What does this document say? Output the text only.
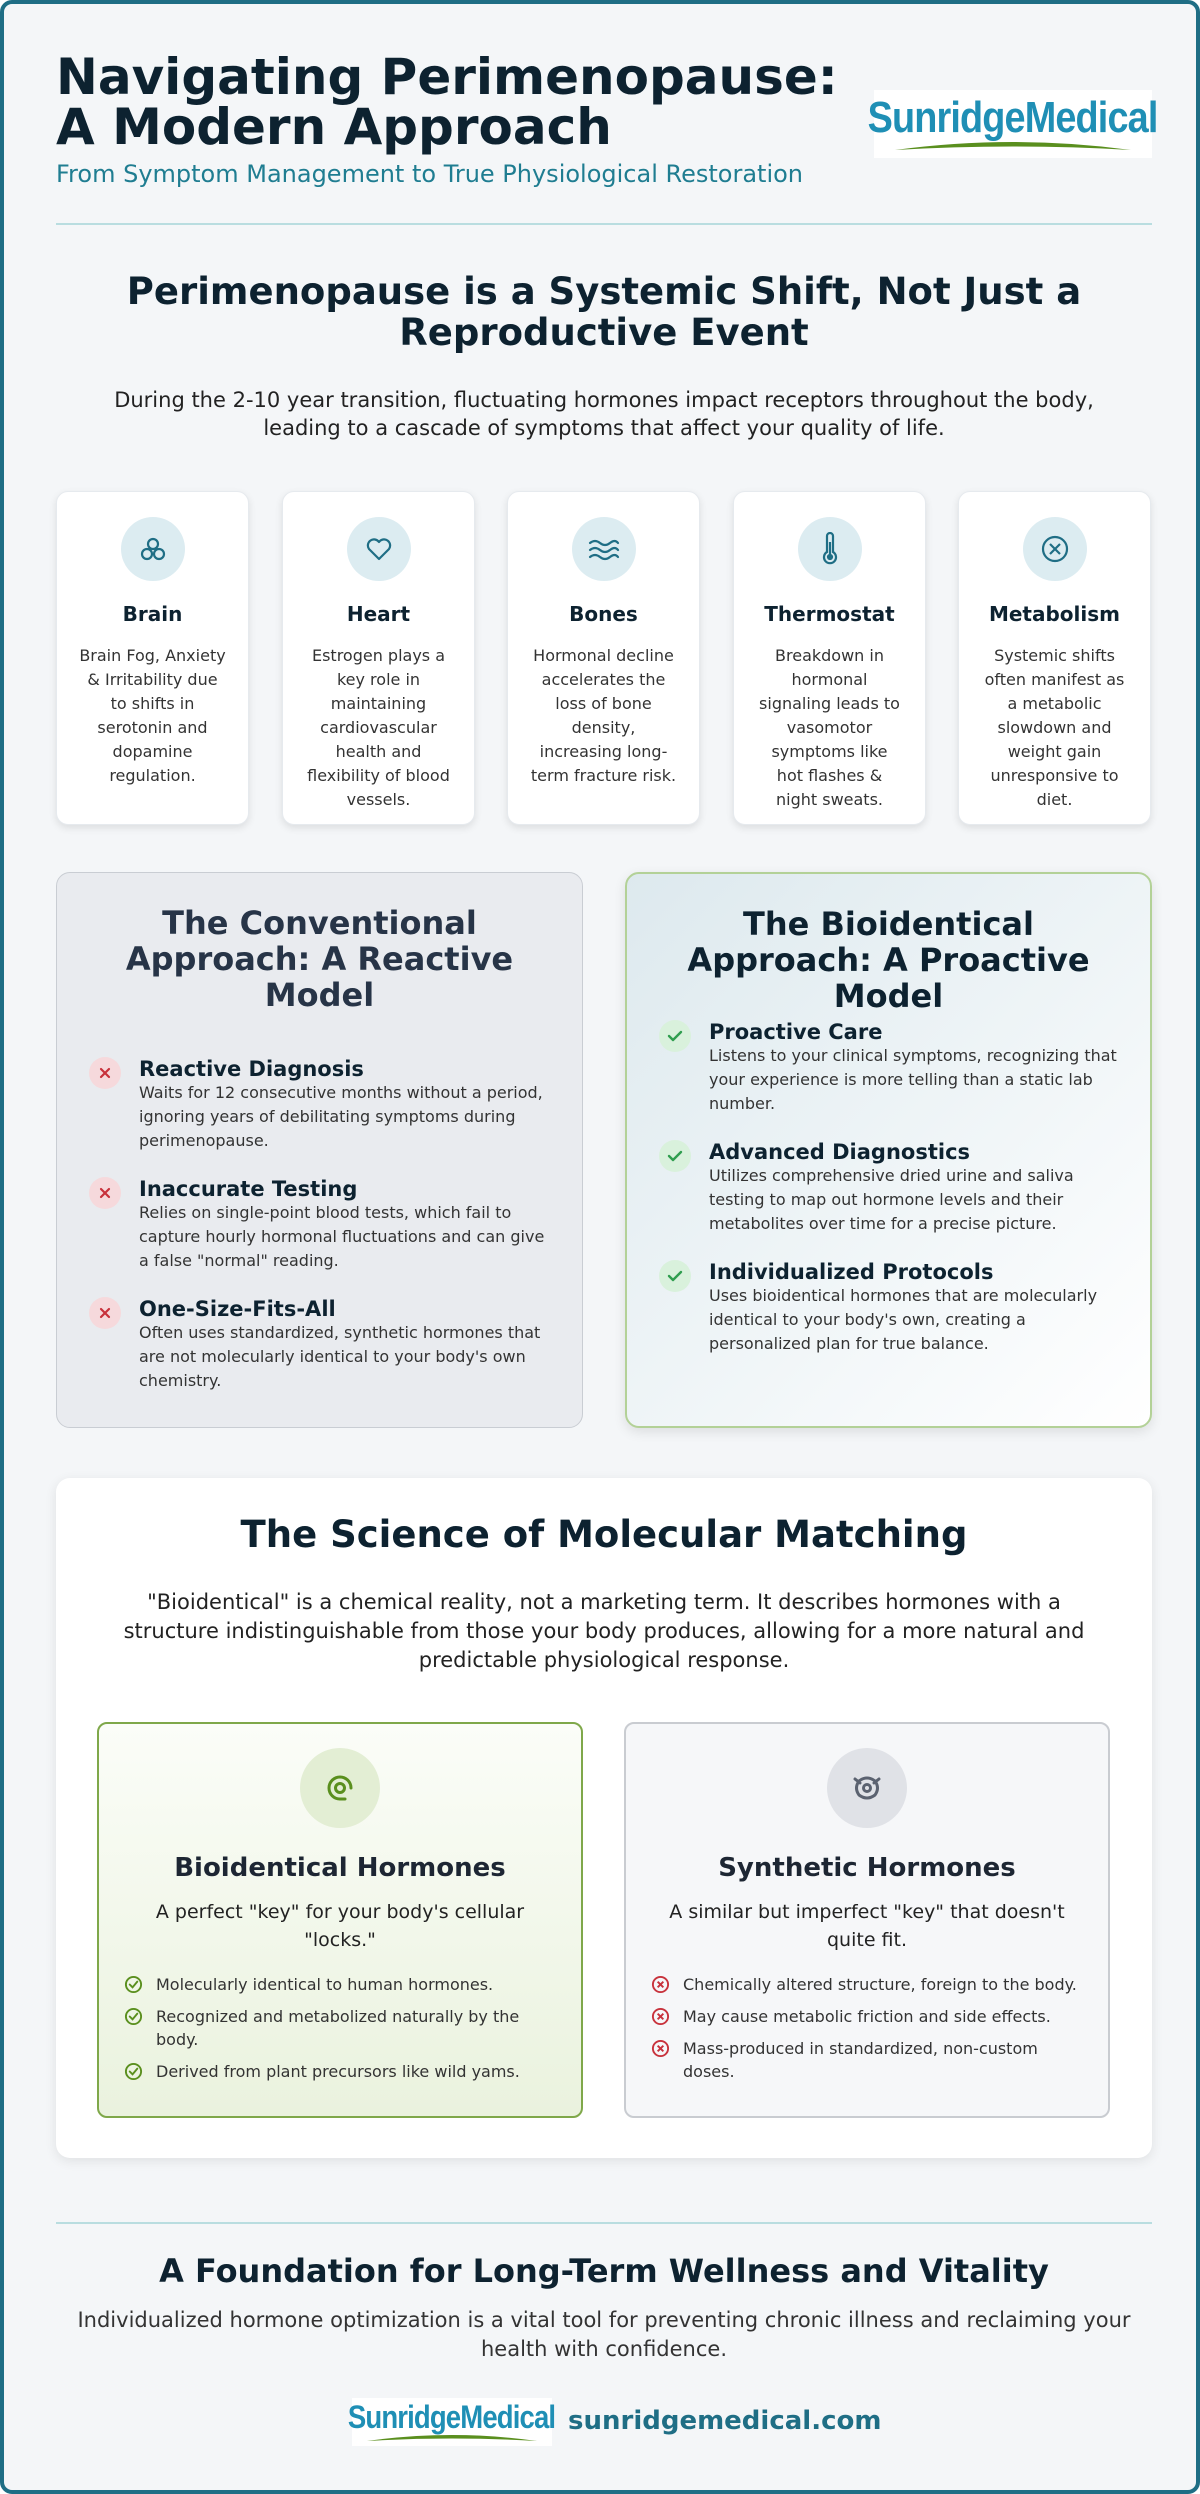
Navigating Perimenopause: A Modern Approach
From Symptom Management to True Physiological Restoration
SunridgeMedical
Perimenopause is a Systemic Shift, Not Just a Reproductive Event

During the 2-10 year transition, fluctuating hormones impact receptors throughout the body, leading to a cascade of symptoms that affect your quality of life.

Brain

Brain Fog, Anxiety & Irritability due to shifts in serotonin and dopamine regulation.

Heart

Estrogen plays a key role in maintaining cardiovascular health and flexibility of blood vessels.

Bones

Hormonal decline accelerates the loss of bone density, increasing long-term fracture risk.

Thermostat

Breakdown in hormonal signaling leads to vasomotor symptoms like hot flashes & night sweats.

Metabolism

Systemic shifts often manifest as a metabolic slowdown and weight gain unresponsive to diet.

The Conventional Approach: A Reactive Model
Reactive Diagnosis

Waits for 12 consecutive months without a period, ignoring years of debilitating symptoms during perimenopause.

Inaccurate Testing

Relies on single-point blood tests, which fail to capture hourly hormonal fluctuations and can give a false "normal" reading.

One-Size-Fits-All

Often uses standardized, synthetic hormones that are not molecularly identical to your body's own chemistry.

The Bioidentical Approach: A Proactive Model
Proactive Care

Listens to your clinical symptoms, recognizing that your experience is more telling than a static lab number.

Advanced Diagnostics

Utilizes comprehensive dried urine and saliva testing to map out hormone levels and their metabolites over time for a precise picture.

Individualized Protocols

Uses bioidentical hormones that are molecularly identical to your body's own, creating a personalized plan for true balance.

The Science of Molecular Matching

"Bioidentical" is a chemical reality, not a marketing term. It describes hormones with a structure indistinguishable from those your body produces, allowing for a more natural and predictable physiological response.

Bioidentical Hormones
A perfect "key" for your body's cellular "locks."
Molecularly identical to human hormones.
Recognized and metabolized naturally by the body.
Derived from plant precursors like wild yams.
Synthetic Hormones
A similar but imperfect "key" that doesn't quite fit.
Chemically altered structure, foreign to the body.
May cause metabolic friction and side effects.
Mass-produced in standardized, non-custom doses.
A Foundation for Long-Term Wellness and Vitality

Individualized hormone optimization is a vital tool for preventing chronic illness and reclaiming your health with confidence.

SunridgeMedical sunridgemedical.com
